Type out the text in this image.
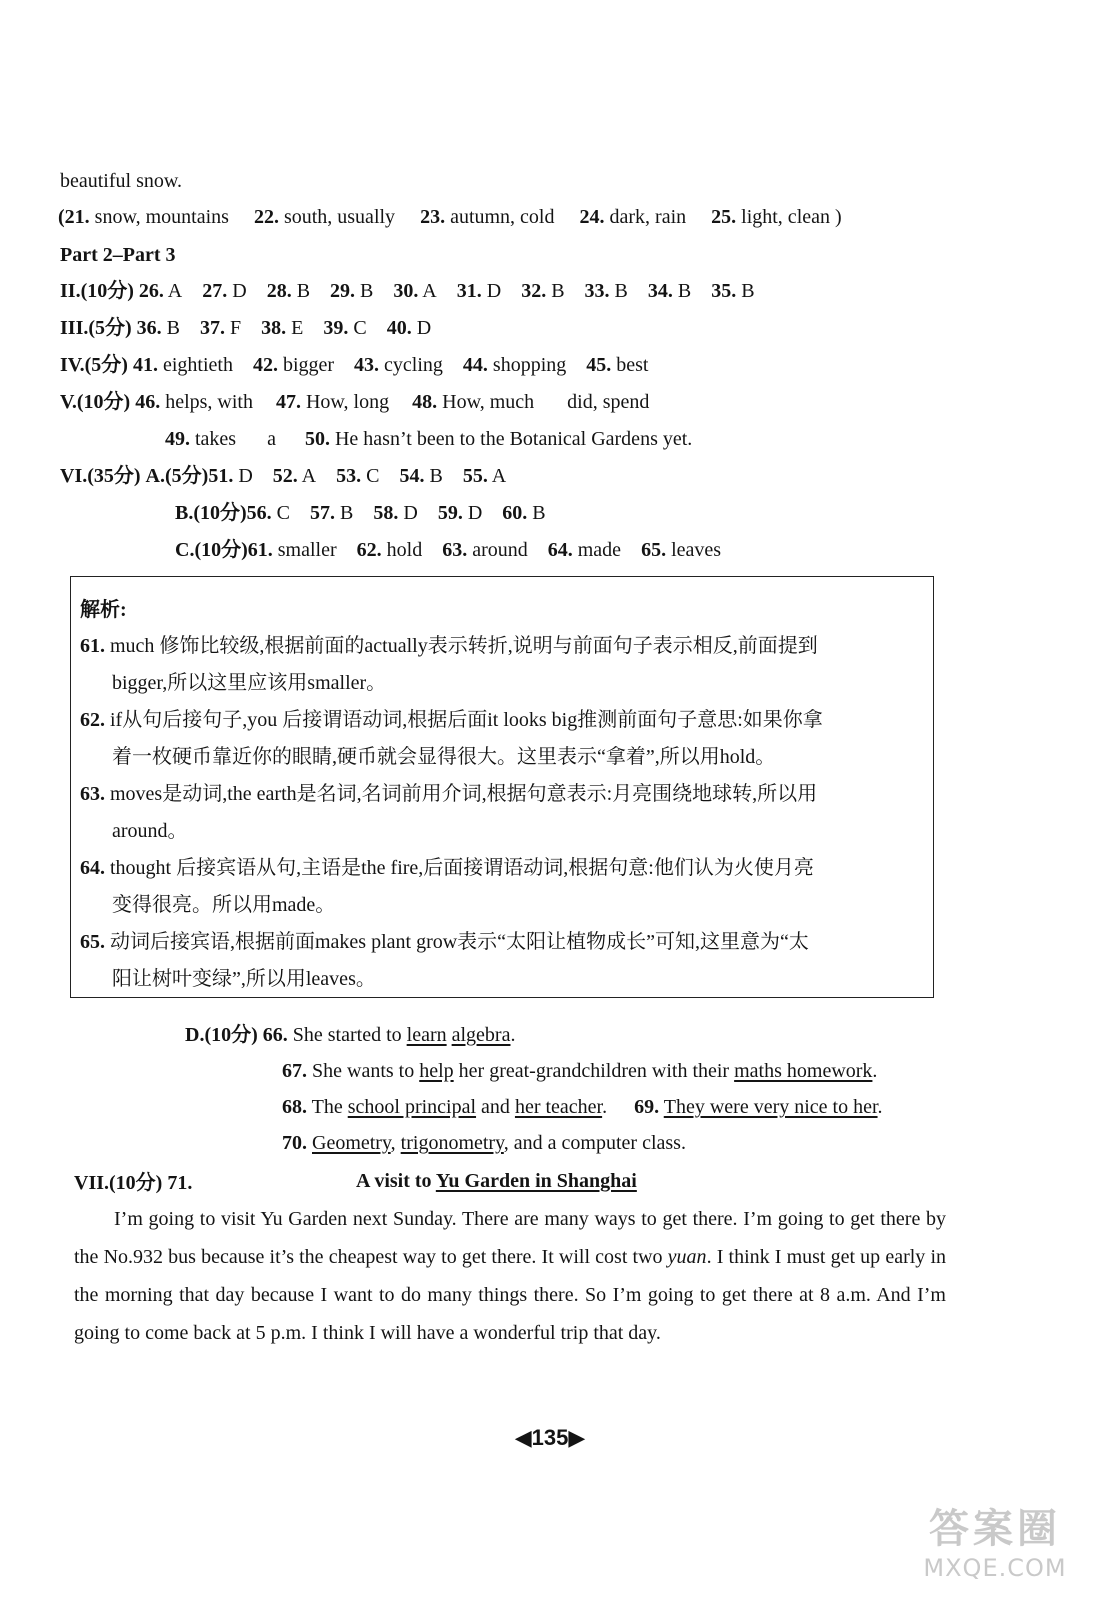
beautiful snow.
(21. snow, mountains 22. south, usually 23. autumn, cold 24. dark, rain 25. light, clean )
Part 2–Part 3
II.(10分) 26. A 27. D 28. B 29. B 30. A 31. D 32. B 33. B 34. B 35. B
III.(5分) 36. B 37. F 38. E 39. C 40. D
IV.(5分) 41. eightieth 42. bigger 43. cycling 44. shopping 45. best
V.(10分) 46. helps, with 47. How, long 48. How, much did, spend
49. takes a 50. He hasn’t been to the Botanical Gardens yet.
VI.(35分) A.(5分)51. D 52. A 53. C 54. B 55. A
B.(10分)56. C 57. B 58. D 59. D 60. B
C.(10分)61. smaller 62. hold 63. around 64. made 65. leaves
解析:
61. much 修饰比较级,根据前面的actually表示转折,说明与前面句子表示相反,前面提到
bigger,所以这里应该用smaller。
62. if从句后接句子,you 后接谓语动词,根据后面it looks big推测前面句子意思:如果你拿
着一枚硬币靠近你的眼睛,硬币就会显得很大。这里表示“拿着”,所以用hold。
63. moves是动词,the earth是名词,名词前用介词,根据句意表示:月亮围绕地球转,所以用
around。
64. thought 后接宾语从句,主语是the fire,后面接谓语动词,根据句意:他们认为火使月亮
变得很亮。所以用made。
65. 动词后接宾语,根据前面makes plant grow表示“太阳让植物成长”可知,这里意为“太
阳让树叶变绿”,所以用leaves。
D.(10分) 66. She started to learn algebra.
67. She wants to help her great-grandchildren with their maths homework.
68. The school principal and her teacher. 69. They were very nice to her.
70. Geometry, trigonometry, and a computer class.
VII.(10分) 71.	A visit to Yu Garden in Shanghai

I’m going to visit Yu Garden next Sunday. There are many ways to get there. I’m going to get there by the No.932 bus because it’s the cheapest way to get there. It will cost two yuan. I think I must get up early in the morning that day because I want to do many things there. So I’m going to get there at 8 a.m. And I’m going to come back at 5 p.m. I think I will have a wonderful trip that day.

◀135▶
答案圈
MXQE.COM
